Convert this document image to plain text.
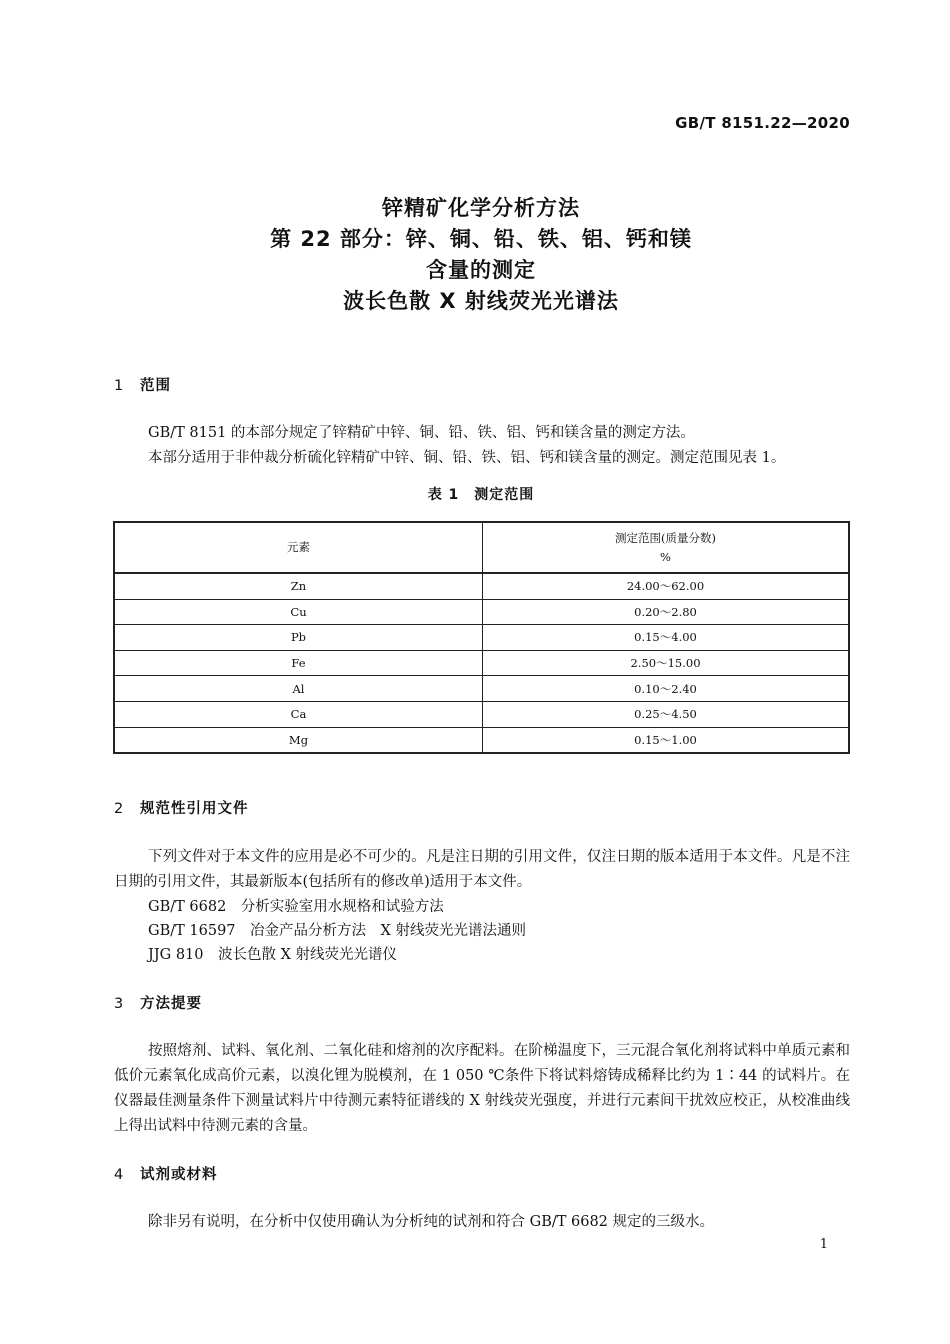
GB/T 8151.22—2020
锌精矿化学分析方法
第 22 部分：锌、铜、铅、铁、铝、钙和镁
含量的测定
波长色散 X 射线荧光光谱法
1 范围
GB/T 8151 的本部分规定了锌精矿中锌、铜、铅、铁、铝、钙和镁含量的测定方法。
本部分适用于非仲裁分析硫化锌精矿中锌、铜、铅、铁、铝、钙和镁含量的测定。测定范围见表 1。
表 1　测定范围
元素	测定范围(质量分数)
%

Zn	24.00～62.00
Cu	0.20～2.80
Pb	0.15～4.00
Fe	2.50～15.00
Al	0.10～2.40
Ca	0.25～4.50
Mg	0.15～1.00
2 规范性引用文件
下列文件对于本文件的应用是必不可少的。凡是注日期的引用文件，仅注日期的版本适用于本文件。凡是不注日期的引用文件，其最新版本(包括所有的修改单)适用于本文件。
GB/T 6682　分析实验室用水规格和试验方法
GB/T 16597　冶金产品分析方法　X 射线荧光光谱法通则
JJG 810　波长色散 X 射线荧光光谱仪
3 方法提要
按照熔剂、试料、氧化剂、二氧化硅和熔剂的次序配料。在阶梯温度下，三元混合氧化剂将试料中单质元素和低价元素氧化成高价元素，以溴化锂为脱模剂，在 1 050 ℃条件下将试料熔铸成稀释比约为 1∶44 的试料片。在仪器最佳测量条件下测量试料片中待测元素特征谱线的 X 射线荧光强度，并进行元素间干扰效应校正，从校准曲线上得出试料中待测元素的含量。
4 试剂或材料
除非另有说明，在分析中仅使用确认为分析纯的试剂和符合 GB/T 6682 规定的三级水。
1
